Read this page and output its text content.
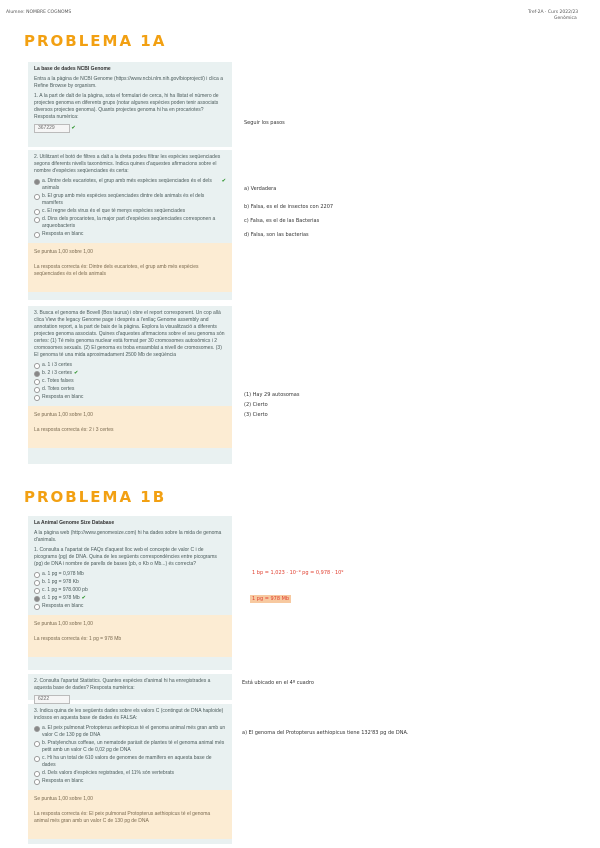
Alumne: NOMBRE COGNOMS	Tref·2A · Curs 2022/23
Genòmica
PROBLEMA 1A

La base de dades NCBI Genome

Entra a la pàgina de NCBI Genome (https://www.ncbi.nlm.nih.gov/bioproject/) i clica a Refine Browse by organism.

1. A la part de dalt de la pàgina, sota el formulari de cerca, hi ha llistat el número de projectes genoma en diferents grups (notar algunes espècies poden tenir associats diversos projectes genoma). Quants projectes genoma hi ha en procariotes? Resposta numèrica:

367229	✔

2. Utilitzant el botó de filtres a dalt a la dreta podeu filtrar les espècies seqüenciades segons diferents nivells taxonòmics. Indica quines d'aquestes afirmacions sobre el nombre d'espècies seqüenciades és certa:

a. Dintre dels eucariotes, el grup amb més espècies seqüenciades és el dels animals
✔
b. El grup amb més espècies seqüenciades dintre dels animals és el dels mamífers
c. El regne dels virus és el que té menys espècies seqüenciades
d. Dins dels procariotes, la major part d'espècies seqüenciades corresponen a arqueobacteris
Resposta en blanc

Se puntua 1,00 sobre 1,00

La resposta correcta és: Dintre dels eucariotes, el grup amb més espècies seqüenciades és el dels animals

3. Busca el genoma de Bovell (Bos taurus) i obre el report corresponent. Un cop allà clica View the legacy Genome page i després a l'enllaç Genome assembly and annotation report, a la part de baix de la pàgina. Explora la visualització a diferents projectes genoma associats. Quines d'aquestes afirmacions sobre el seu genoma són certes: (1) Té més genoma nuclear està format per 30 cromosomes autosòmics i 2 cromosomes sexuals. (2) El genoma es troba ensamblat a nivell de cromosomes. (3) El genoma té una mida aproximadament 2500 Mb de seqüència

a. 1 i 3 certes
b. 2 i 3 certes ✔
c. Totes falses
d. Totes certes
Resposta en blanc

Se puntua 1,00 sobre 1,00

La resposta correcta és: 2 i 3 certes

PROBLEMA 1B

La Animal Genome Size Database

A la pàgina web (http://www.genomesize.com) hi ha dades sobre la mida de genoma d'animals.

1. Consulta a l'apartat de FAQs d'aquest lloc web el concepte de valor C i de picograms (pg) de DNA. Quina de les següents correspondències entre picograms (pg) de DNA i nombre de parells de bases (pb, o Kb o Mb...) és correcta?

a. 1 pg = 0,978 Mb
b. 1 pg = 978 Kb
c. 1 pg = 978.000 pb
d. 1 pg = 978 Mb ✔
Resposta en blanc

Se puntua 1,00 sobre 1,00

La resposta correcta és: 1 pg = 978 Mb

2. Consulta l'apartat Statistics. Quantes espècies d'animal hi ha enregistrades a aquesta base de dades? Resposta numèrica:

6222

3. Indica quina de les següents dades sobre els valors C (contingut de DNA haploide) inclosos en aquesta base de dades és FALSA:

a. El peix pulmonat Protopterus aethiopicus té el genoma animal més gran amb un valor C de 130 pg de DNA
b. Pratylenchus coffeae, un nematode paràsit de plantes té el genoma animal més petit amb un valor C de 0,02 pg de DNA
c. Hi ha un total de 610 valors de genomes de mamífers en aquesta base de dades
d. Dels valors d'espècies registrades, el 11% són vertebrats
Resposta en blanc

Se puntua 1,00 sobre 1,00

La resposta correcta és: El peix pulmonat Protopterus aethiopicus té el genoma animal més gran amb un valor C de 130 pg de DNA

Seguir los pasos
a) Verdadera
b) Falsa, es el de insectos con 2207
c) Falsa, es el de las Bacterias
d) Falsa, son las bacterias
(1) Hay 29 autosomas
(2) Cierto
(3) Cierto
1 bp = 1,023 · 10⁻⁹ pg = 0,978 · 10⁹
1 pg = 978 Mb
Está ubicado en el 4º cuadro
a) El genoma del Protopterus aethiopicus tiene 132'83 pg de DNA.
